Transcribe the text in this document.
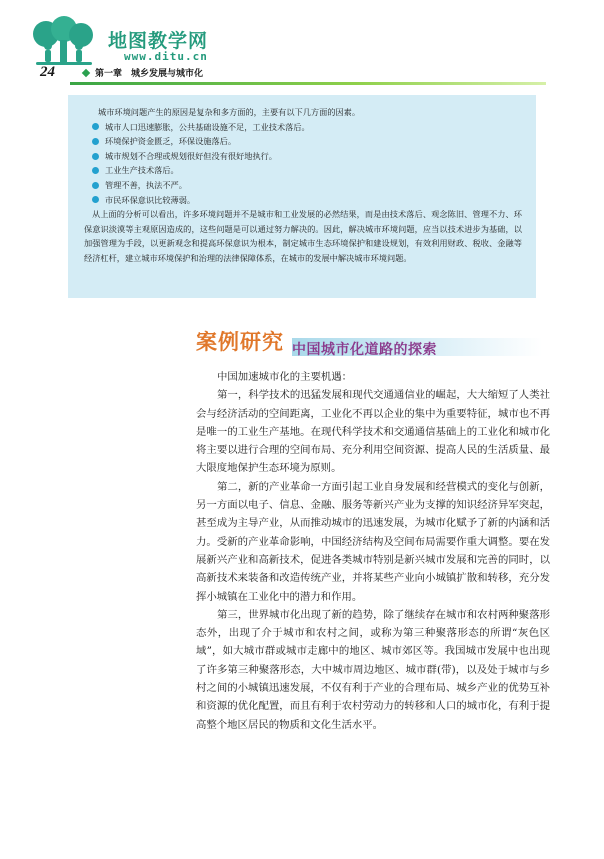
地图教学网
www.ditu.cn
24	第一章　城乡发展与城市化

城市环境问题产生的原因是复杂和多方面的，主要有以下几方面的因素。

城市人口迅速膨胀，公共基础设施不足，工业技术落后。
环境保护资金匮乏，环保设施落后。
城市规划不合理或规划很好但没有很好地执行。
工业生产技术落后。
管理不善，执法不严。
市民环保意识比较薄弱。

从上面的分析可以看出，许多环境问题并不是城市和工业发展的必然结果，而是由技术落后、观念陈旧、管理不力、环保意识淡漠等主观原因造成的，这些问题是可以通过努力解决的。因此，解决城市环境问题，应当以技术进步为基础，以加强管理为手段，以更新观念和提高环保意识为根本，制定城市生态环境保护和建设规划，有效利用财政、税收、金融等经济杠杆，建立城市环境保护和治理的法律保障体系，在城市的发展中解决城市环境问题。

案例研究 中国城市化道路的探索

中国加速城市化的主要机遇：

第一，科学技术的迅猛发展和现代交通通信业的崛起，大大缩短了人类社会与经济活动的空间距离，工业化不再以企业的集中为重要特征，城市也不再是唯一的工业生产基地。在现代科学技术和交通通信基础上的工业化和城市化将主要以进行合理的空间布局、充分利用空间资源、提高人民的生活质量、最大限度地保护生态环境为原则。

第二，新的产业革命一方面引起工业自身发展和经营模式的变化与创新，另一方面以电子、信息、金融、服务等新兴产业为支撑的知识经济异军突起，甚至成为主导产业，从而推动城市的迅速发展，为城市化赋予了新的内涵和活力。受新的产业革命影响，中国经济结构及空间布局需要作重大调整。要在发展新兴产业和高新技术，促进各类城市特别是新兴城市发展和完善的同时，以高新技术来装备和改造传统产业，并将某些产业向小城镇扩散和转移，充分发挥小城镇在工业化中的潜力和作用。

第三，世界城市化出现了新的趋势，除了继续存在城市和农村两种聚落形态外，出现了介于城市和农村之间，或称为第三种聚落形态的所谓“灰色区域”，如大城市群或城市走廊中的地区、城市郊区等。我国城市发展中也出现了许多第三种聚落形态，大中城市周边地区、城市群(带)，以及处于城市与乡村之间的小城镇迅速发展，不仅有利于产业的合理布局、城乡产业的优势互补和资源的优化配置，而且有利于农村劳动力的转移和人口的城市化，有利于提高整个地区居民的物质和文化生活水平。
